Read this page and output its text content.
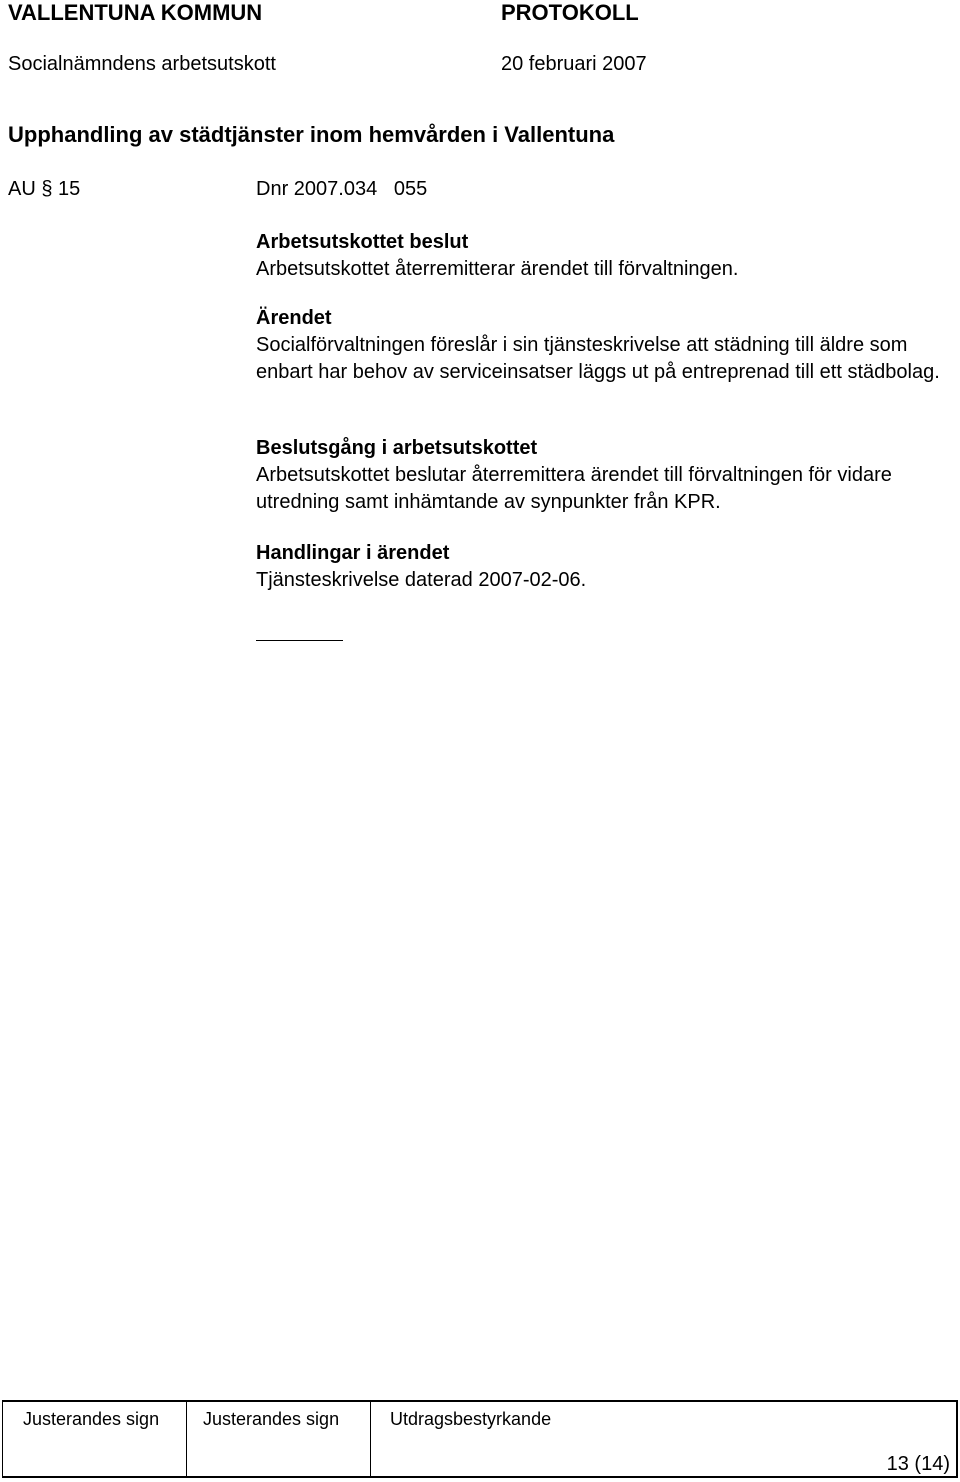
VALLENTUNA KOMMUN	PROTOKOLL
Socialnämndens arbetsutskott	20 februari 2007
Upphandling av städtjänster inom hemvården i Vallentuna
AU § 15	Dnr 2007.034   055
Arbetsutskottet beslut
Arbetsutskottet återremitterar ärendet till förvaltningen.
Ärendet
Socialförvaltningen föreslår i sin tjänsteskrivelse att städning till äldre som enbart har behov av serviceinsatser läggs ut på entreprenad till ett städbolag.
Beslutsgång i arbetsutskottet
Arbetsutskottet beslutar återremittera ärendet till förvaltningen för vidare utredning samt inhämtande av synpunkter från KPR.
Handlingar i ärendet
Tjänsteskrivelse daterad 2007-02-06.
Justerandes sign Justerandes sign	Utdragsbestyrkande
13 (14)
